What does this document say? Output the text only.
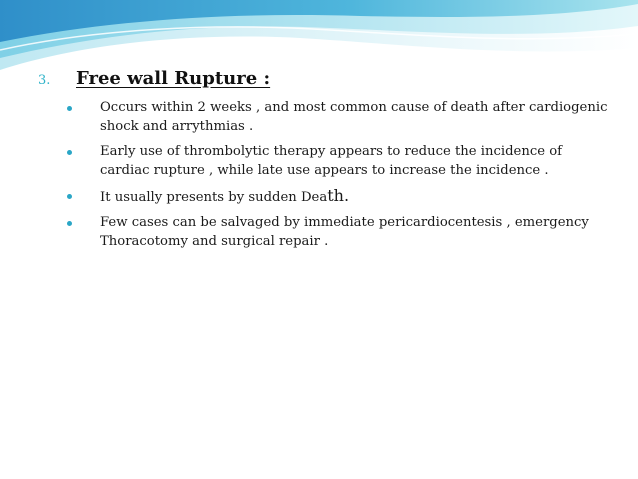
3.	Free wall Rupture :
Occurs within 2 weeks , and most common cause of death after cardiogenic shock and arrythmias .
Early use of thrombolytic therapy appears to reduce the incidence of cardiac rupture , while late use appears to increase the incidence .
It usually presents by sudden Death.
Few cases can be salvaged by immediate pericardiocentesis , emergency Thoracotomy and surgical repair .
